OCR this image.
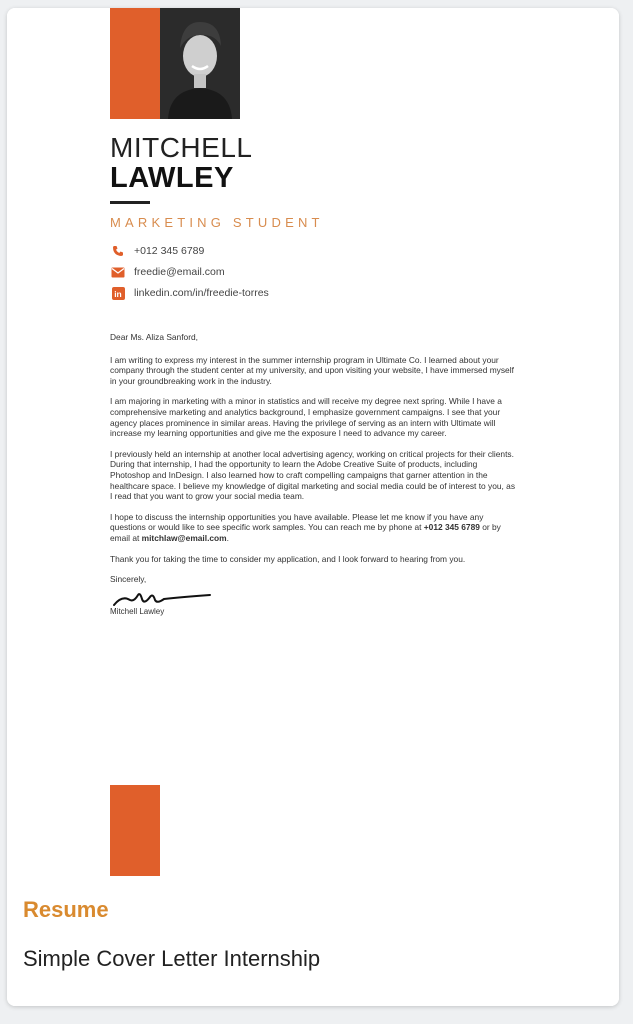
MITCHELL
LAWLEY
MARKETING STUDENT
+012 345 6789
freedie@email.com
in linkedin.com/in/freedie-torres

Dear Ms. Aliza Sanford,

I am writing to express my interest in the summer internship program in Ultimate Co. I learned about your company through the student center at my university, and upon visiting your website, I have immersed myself in your groundbreaking work in the industry.

I am majoring in marketing with a minor in statistics and will receive my degree next spring. While I have a comprehensive marketing and analytics background, I emphasize government campaigns. I see that your agency places prominence in similar areas. Having the privilege of serving as an intern with Ultimate will increase my learning opportunities and give me the exposure I need to advance my career.

I previously held an internship at another local advertising agency, working on critical projects for their clients. During that internship, I had the opportunity to learn the Adobe Creative Suite of products, including Photoshop and InDesign. I also learned how to craft compelling campaigns that garner attention in the healthcare space. I believe my knowledge of digital marketing and social media could be of interest to you, as I read that you want to grow your social media team.

I hope to discuss the internship opportunities you have available. Please let me know if you have any questions or would like to see specific work samples. You can reach me by phone at +012 345 6789 or by email at mitchlaw@email.com.

Thank you for taking the time to consider my application, and I look forward to hearing from you.

Sincerely,

Mitchell Lawley
Resume
Simple Cover Letter Internship
